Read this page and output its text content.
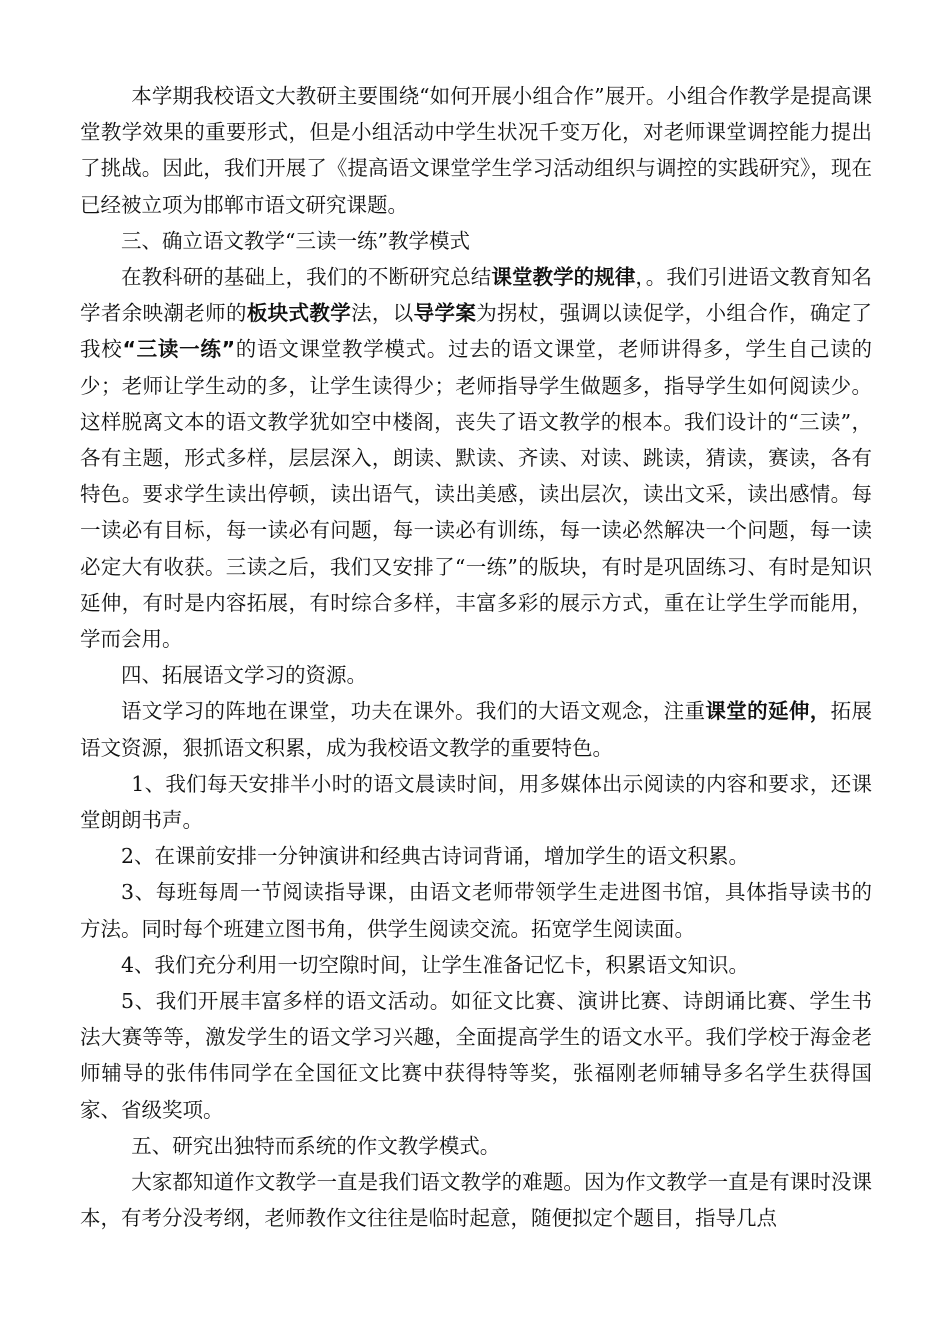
本学期我校语文大教研主要围绕“如何开展小组合作”展开。小组合作教学是提高课堂教学效果的重要形式，但是小组活动中学生状况千变万化，对老师课堂调控能力提出了挑战。因此，我们开展了《提高语文课堂学生学习活动组织与调控的实践研究》，现在已经被立项为邯郸市语文研究课题。

三、确立语文教学“三读一练”教学模式

在教科研的基础上，我们的不断研究总结课堂教学的规律，。我们引进语文教育知名学者余映潮老师的板块式教学法，以导学案为拐杖，强调以读促学，小组合作，确定了我校“三读一练”的语文课堂教学模式。过去的语文课堂，老师讲得多，学生自己读的少；老师让学生动的多，让学生读得少；老师指导学生做题多，指导学生如何阅读少。这样脱离文本的语文教学犹如空中楼阁，丧失了语文教学的根本。我们设计的“三读”， 各有主题，形式多样，层层深入，朗读、默读、齐读、对读、跳读，猜读，赛读，各有特色。要求学生读出停顿，读出语气，读出美感，读出层次，读出文采，读出感情。每一读必有目标，每一读必有问题，每一读必有训练，每一读必然解决一个问题，每一读必定大有收获。三读之后，我们又安排了“一练”的版块，有时是巩固练习、有时是知识延伸，有时是内容拓展，有时综合多样，丰富多彩的展示方式，重在让学生学而能用，学而会用。

四、拓展语文学习的资源。

语文学习的阵地在课堂，功夫在课外。我们的大语文观念，注重课堂的延伸，拓展语文资源，狠抓语文积累，成为我校语文教学的重要特色。

1、我们每天安排半小时的语文晨读时间，用多媒体出示阅读的内容和要求，还课堂朗朗书声。

2、在课前安排一分钟演讲和经典古诗词背诵，增加学生的语文积累。

3、每班每周一节阅读指导课，由语文老师带领学生走进图书馆，具体指导读书的方法。同时每个班建立图书角，供学生阅读交流。拓宽学生阅读面。

4、我们充分利用一切空隙时间，让学生准备记忆卡，积累语文知识。

5、我们开展丰富多样的语文活动。如征文比赛、演讲比赛、诗朗诵比赛、学生书法大赛等等，激发学生的语文学习兴趣，全面提高学生的语文水平。我们学校于海金老师辅导的张伟伟同学在全国征文比赛中获得特等奖，张福刚老师辅导多名学生获得国家、省级奖项。

五、研究出独特而系统的作文教学模式。

大家都知道作文教学一直是我们语文教学的难题。因为作文教学一直是有课时没课本，有考分没考纲，老师教作文往往是临时起意，随便拟定个题目，指导几点
